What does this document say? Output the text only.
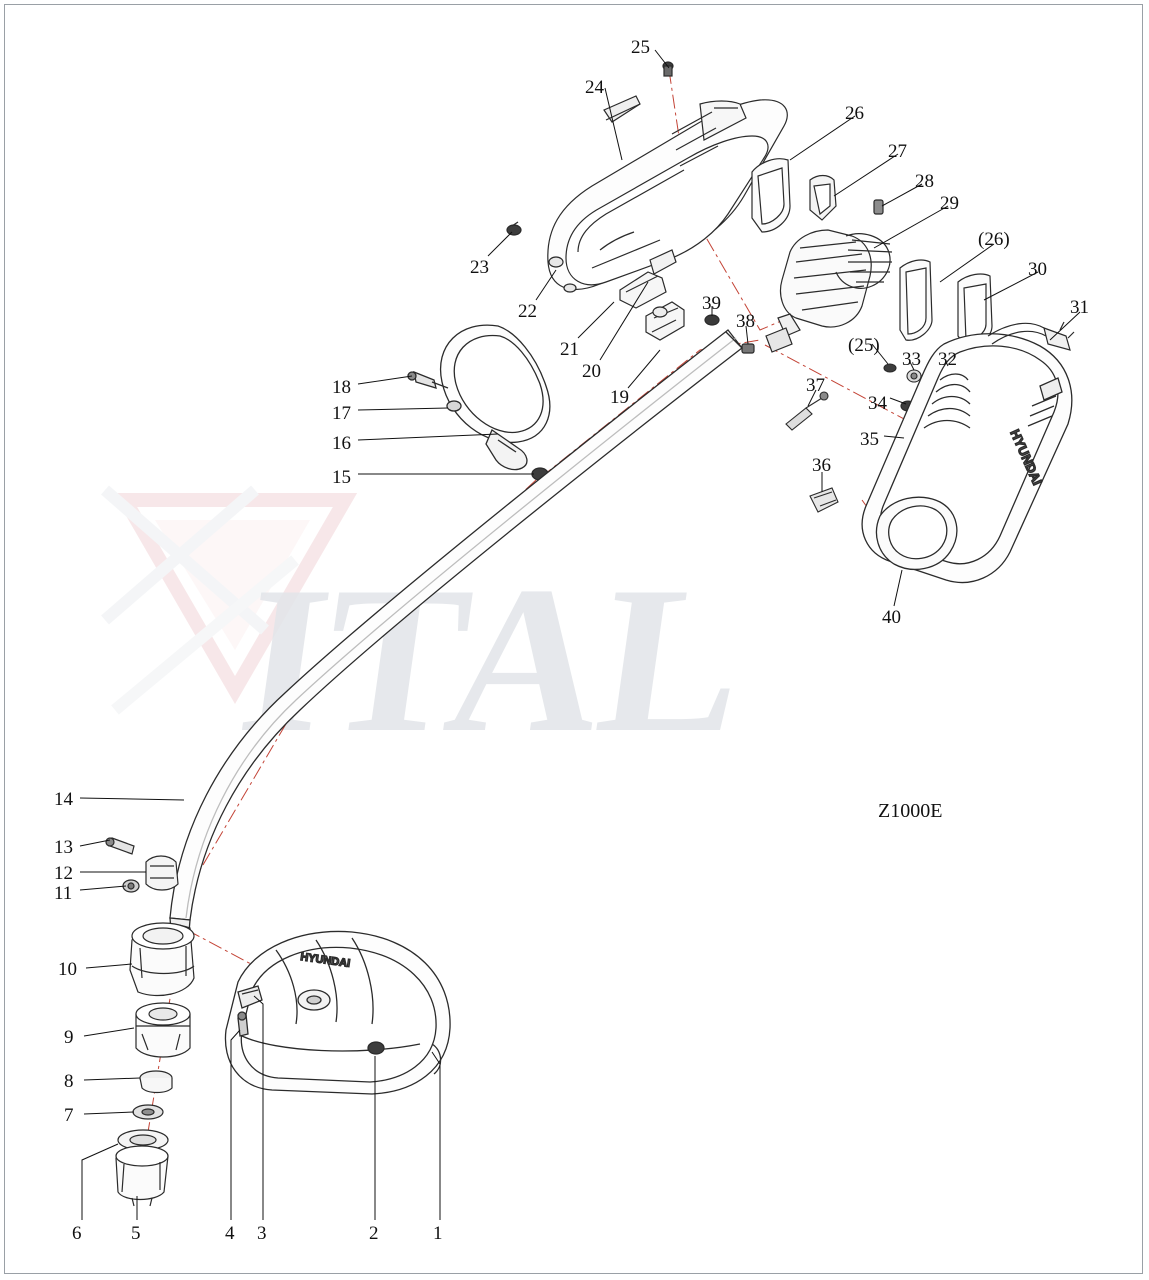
ITAL
HYUNDAI
HYUNDAI
25
24
26
27
28
29
(26)
30
31
23
22
21
20
19
39
38
(25)
33 32
34
35
37
36
40
18
17
16
15
14
13
12
11
10
9
8
7
6	5	4 3	2	1
Z1000E
